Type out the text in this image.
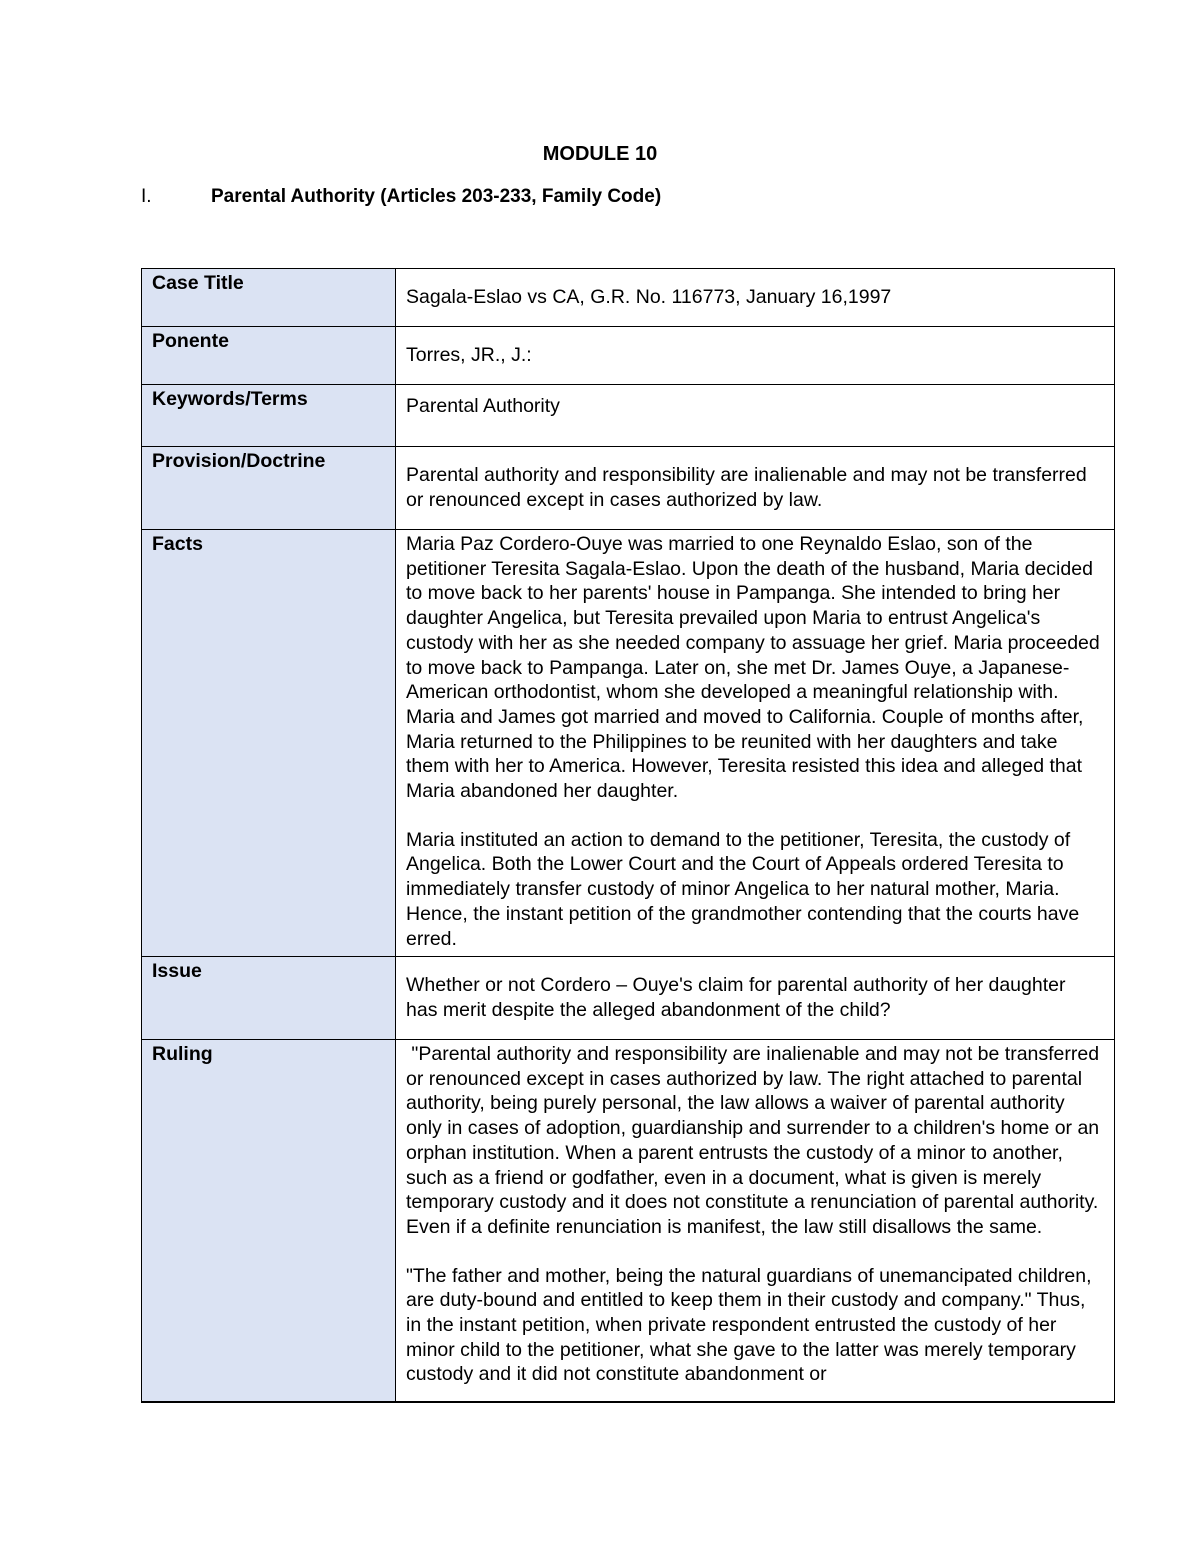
MODULE 10
I.	Parental Authority (Articles 203-233, Family Code)
Case Title	Sagala-Eslao vs CA, G.R. No. 116773, January 16,1997

Ponente	Torres, JR., J.:

Keywords/Terms	Parental Authority

Provision/Doctrine	Parental authority and responsibility are inalienable and may not be transferred or renounced except in cases authorized by law.

Facts	Maria Paz Cordero-Ouye was married to one Reynaldo Eslao, son of the petitioner Teresita Sagala-Eslao. Upon the death of the husband, Maria decided to move back to her parents' house in Pampanga. She intended to bring her daughter Angelica, but Teresita prevailed upon Maria to entrust Angelica's custody with her as she needed company to assuage her grief. Maria proceeded to move back to Pampanga. Later on, she met Dr. James Ouye, a Japanese-American orthodontist, whom she developed a meaningful relationship with. Maria and James got married and moved to California. Couple of months after, Maria returned to the Philippines to be reunited with her daughters and take them with her to America. However, Teresita resisted this idea and alleged that Maria abandoned her daughter.

Maria instituted an action to demand to the petitioner, Teresita, the custody of Angelica. Both the Lower Court and the Court of Appeals ordered Teresita to immediately transfer custody of minor Angelica to her natural mother, Maria. Hence, the instant petition of the grandmother contending that the courts have erred.

Issue	Whether or not Cordero – Ouye's claim for parental authority of her daughter has merit despite the alleged abandonment of the child?

Ruling	"Parental authority and responsibility are inalienable and may not be transferred or renounced except in cases authorized by law. The right attached to parental authority, being purely personal, the law allows a waiver of parental authority only in cases of adoption, guardianship and surrender to a children's home or an orphan institution. When a parent entrusts the custody of a minor to another, such as a friend or godfather, even in a document, what is given is merely temporary custody and it does not constitute a renunciation of parental authority. Even if a definite renunciation is manifest, the law still disallows the same.

"The father and mother, being the natural guardians of unemancipated children, are duty-bound and entitled to keep them in their custody and company." Thus, in the instant petition, when private respondent entrusted the custody of her minor child to the petitioner, what she gave to the latter was merely temporary custody and it did not constitute abandonment or
